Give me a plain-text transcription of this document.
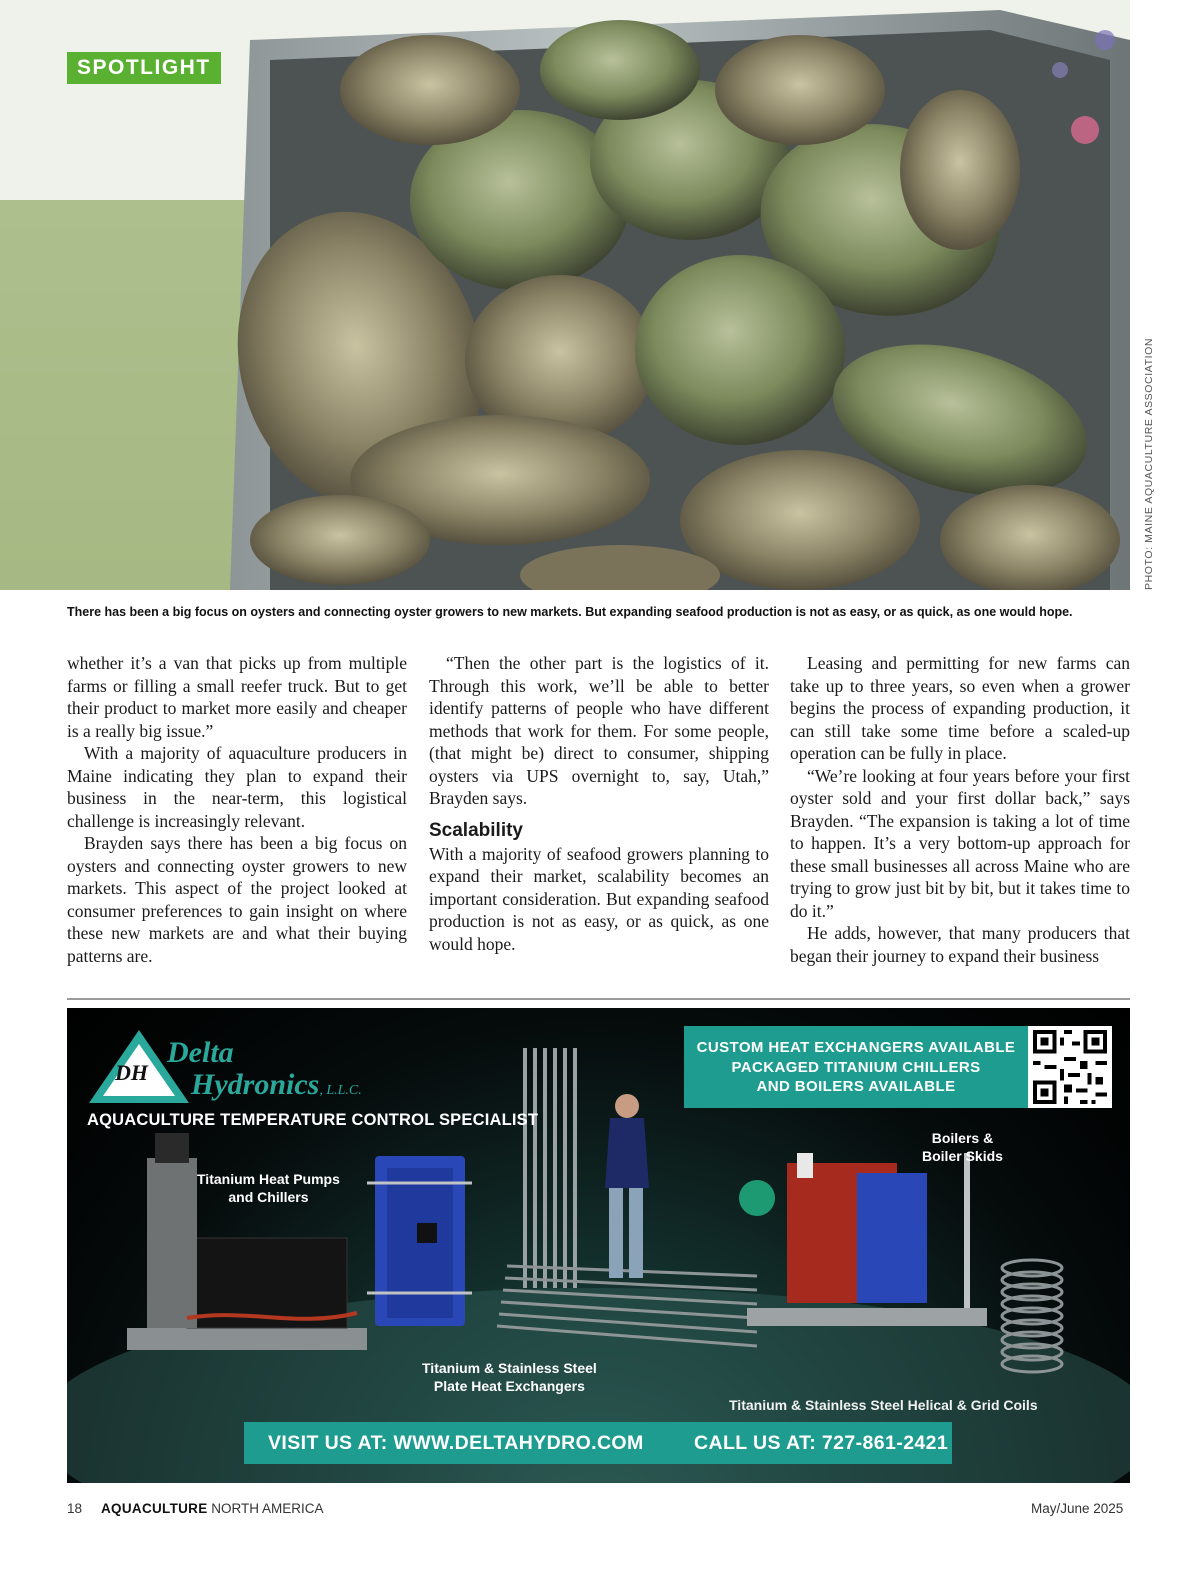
SPOTLIGHT
PHOTO: MAINE AQUACULTURE ASSOCIATION
There has been a big focus on oysters and connecting oyster growers to new markets. But expanding seafood production is not as easy, or as quick, as one would hope.

whether it’s a van that picks up from multiple farms or filling a small reefer truck. But to get their product to market more easily and cheaper is a really big issue.”

With a majority of aquaculture producers in Maine indicating they plan to expand their business in the near-term, this logistical challenge is increasingly relevant.

Brayden says there has been a big focus on oysters and connecting oyster growers to new markets. This aspect of the project looked at consumer preferences to gain insight on where these new markets are and what their buying patterns are.

“Then the other part is the logistics of it. Through this work, we’ll be able to better identify patterns of people who have different methods that work for them. For some people, (that might be) direct to consumer, shipping oysters via UPS overnight to, say, Utah,” Brayden says.

Scalability

With a majority of seafood growers planning to expand their market, scalability becomes an important consideration. But expanding seafood production is not as easy, or as quick, as one would hope.

Leasing and permitting for new farms can take up to three years, so even when a grower begins the process of expanding production, it can still take some time before a scaled-up operation can be fully in place.

“We’re looking at four years before your first oyster sold and your first dollar back,” says Brayden. “The expansion is taking a lot of time to happen. It’s a very bottom-up approach for these small businesses all across Maine who are trying to grow just bit by bit, but it takes time to do it.”

He adds, however, that many producers that began their journey to expand their business

DH
Delta
Hydronics, L.L.C.
AQUACULTURE TEMPERATURE CONTROL SPECIALIST
CUSTOM HEAT EXCHANGERS AVAILABLE
PACKAGED TITANIUM CHILLERS
AND BOILERS AVAILABLE
Titanium Heat Pumps
and Chillers
Boilers &
Boiler Skids
Titanium & Stainless Steel
Plate Heat Exchangers
Titanium & Stainless Steel Helical & Grid Coils
VISIT US AT: WWW.DELTAHYDRO.COM	CALL US AT: 727-861-2421
18 AQUACULTURE NORTH AMERICA	May/June 2025
